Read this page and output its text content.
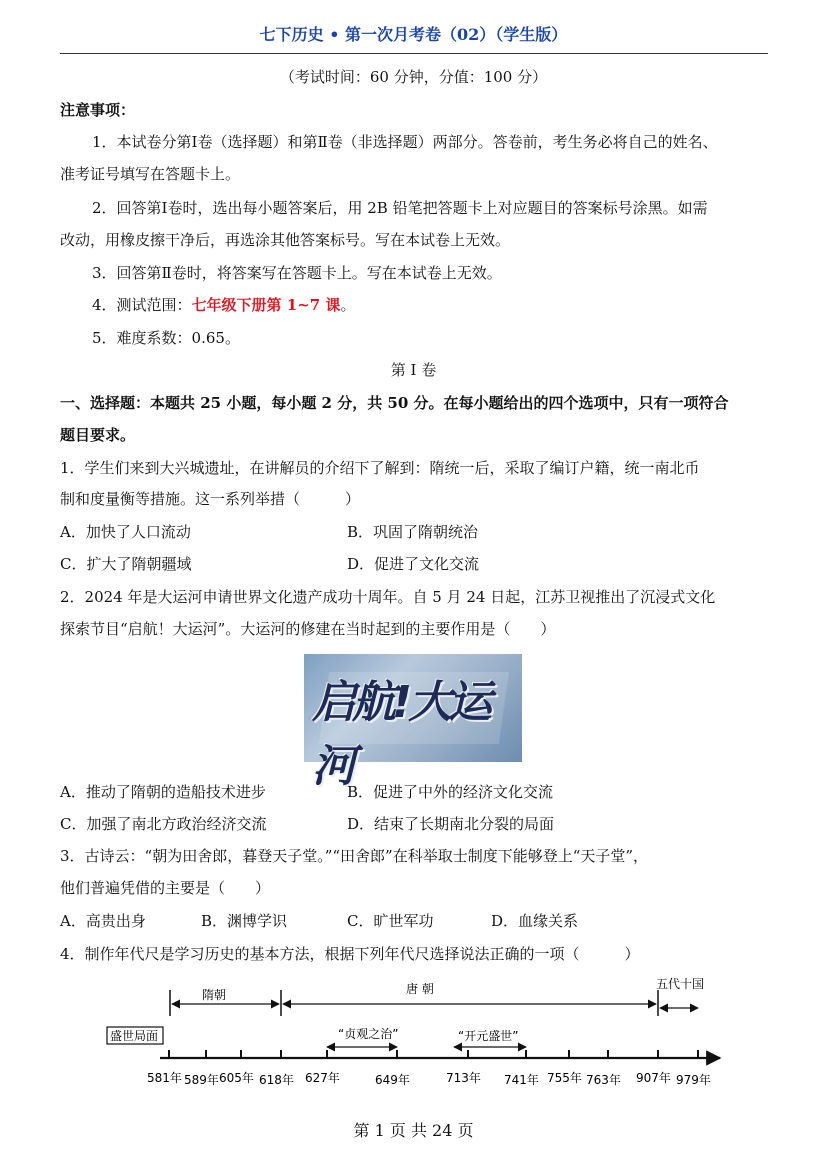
七下历史 • 第一次月考卷（02）（学生版）
（考试时间：60 分钟，分值：100 分）
注意事项：
1．本试卷分第Ⅰ卷（选择题）和第Ⅱ卷（非选择题）两部分。答卷前，考生务必将自己的姓名、
准考证号填写在答题卡上。
2．回答第Ⅰ卷时，选出每小题答案后，用 2B 铅笔把答题卡上对应题目的答案标号涂黑。如需
改动，用橡皮擦干净后，再选涂其他答案标号。写在本试卷上无效。
3．回答第Ⅱ卷时，将答案写在答题卡上。写在本试卷上无效。
4．测试范围：七年级下册第 1~7 课。
5．难度系数：0.65。
第 Ⅰ 卷
一、选择题：本题共 25 小题，每小题 2 分，共 50 分。在每小题给出的四个选项中，只有一项符合
题目要求。
1．学生们来到大兴城遗址，在讲解员的介绍下了解到：隋统一后，采取了编订户籍，统一南北币
制和度量衡等措施。这一系列举措（　　　）
A．加快了人口流动	B．巩固了隋朝统治
C．扩大了隋朝疆域	D．促进了文化交流
2．2024 年是大运河申请世界文化遗产成功十周年。自 5 月 24 日起，江苏卫视推出了沉浸式文化
探索节目“启航！大运河”。大运河的修建在当时起到的主要作用是（　　）
启航!大运河
A．推动了隋朝的造船技术进步	B．促进了中外的经济文化交流
C．加强了南北方政治经济交流	D．结束了长期南北分裂的局面
3．古诗云：“朝为田舍郎，暮登天子堂。”“田舍郎”在科举取士制度下能够登上“天子堂”，
他们普遍凭借的主要是（　　）
A．高贵出身	B．渊博学识	C．旷世军功	D．血缘关系
4．制作年代尺是学习历史的基本方法，根据下列年代尺选择说法正确的一项（　　　）
隋朝	唐 朝	五代十国
盛世局面	“贞观之治”	“开元盛世”
581年 589年 605年 618年 627年	649年	713年 741年 755年 763年 907年 979年
第 1 页 共 24 页
